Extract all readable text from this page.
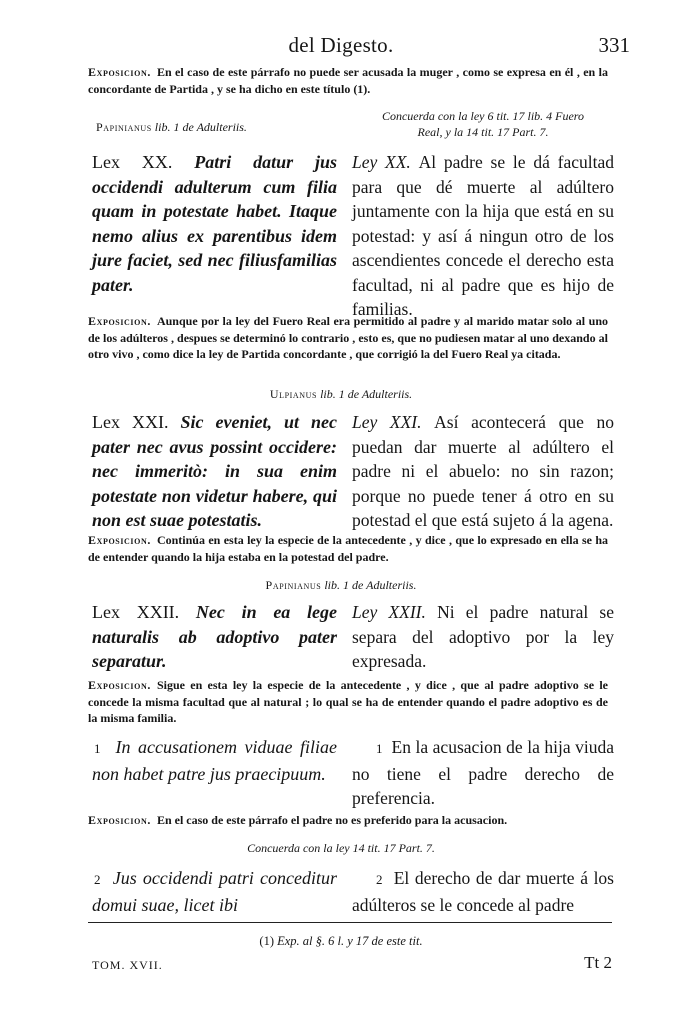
del Digesto.	331
Exposicion. En el caso de este párrafo no puede ser acusada la muger , como se expresa en él , en la concordante de Partida , y se ha dicho en este título (1).
Papinianus lib. 1 de Adulteriis.
Concuerda con la ley 6 tit. 17 lib. 4 Fuero
Real, y la 14 tit. 17 Part. 7.
Lex XX. Patri datur jus occidendi adulterum cum filia quam in potestate habet. Itaque nemo alius ex parentibus idem jure faciet, sed nec filiusfamilias pater.
Ley XX. Al padre se le dá facultad para que dé muerte al adúltero juntamente con la hija que está en su potestad: y así á ningun otro de los ascendientes concede el derecho esta facultad, ni al padre que es hijo de familias.
Exposicion. Aunque por la ley del Fuero Real era permitido al padre y al marido matar solo al uno de los adúlteros , despues se determinó lo contrario , esto es, que no pudiesen matar al uno dexando al otro vivo , como dice la ley de Partida concordante , que corrigió la del Fuero Real ya citada.
Ulpianus lib. 1 de Adulteriis.
Lex XXI. Sic eveniet, ut nec pater nec avus possint occidere: nec immeritò: in sua enim potestate non videtur habere, qui non est suae potestatis.
Ley XXI. Así acontecerá que no puedan dar muerte al adúltero el padre ni el abuelo: no sin razon; porque no puede tener á otro en su potestad el que está sujeto á la agena.
Exposicion. Continúa en esta ley la especie de la antecedente , y dice , que lo expresado en ella se ha de entender quando la hija estaba en la potestad del padre.
Papinianus lib. 1 de Adulteriis.
Lex XXII. Nec in ea lege naturalis ab adoptivo pater separatur.
Ley XXII. Ni el padre natural se separa del adoptivo por la ley expresada.
Exposicion. Sigue en esta ley la especie de la antecedente , y dice , que al padre adoptivo se le concede la misma facultad que al natural ; lo qual se ha de entender quando el padre adoptivo es de la misma familia.
1 In accusationem viduae filiae non habet patre jus praecipuum.
1 En la acusacion de la hija viuda no tiene el padre derecho de preferencia.
Exposicion. En el caso de este párrafo el padre no es preferido para la acusacion.
Concuerda con la ley 14 tit. 17 Part. 7.
2 Jus occidendi patri conceditur domui suae, licet ibi
2 El derecho de dar muerte á los adúlteros se le concede al padre
(1) Exp. al §. 6 l. y 17 de este tit.
TOM. XVII.	Tt 2
